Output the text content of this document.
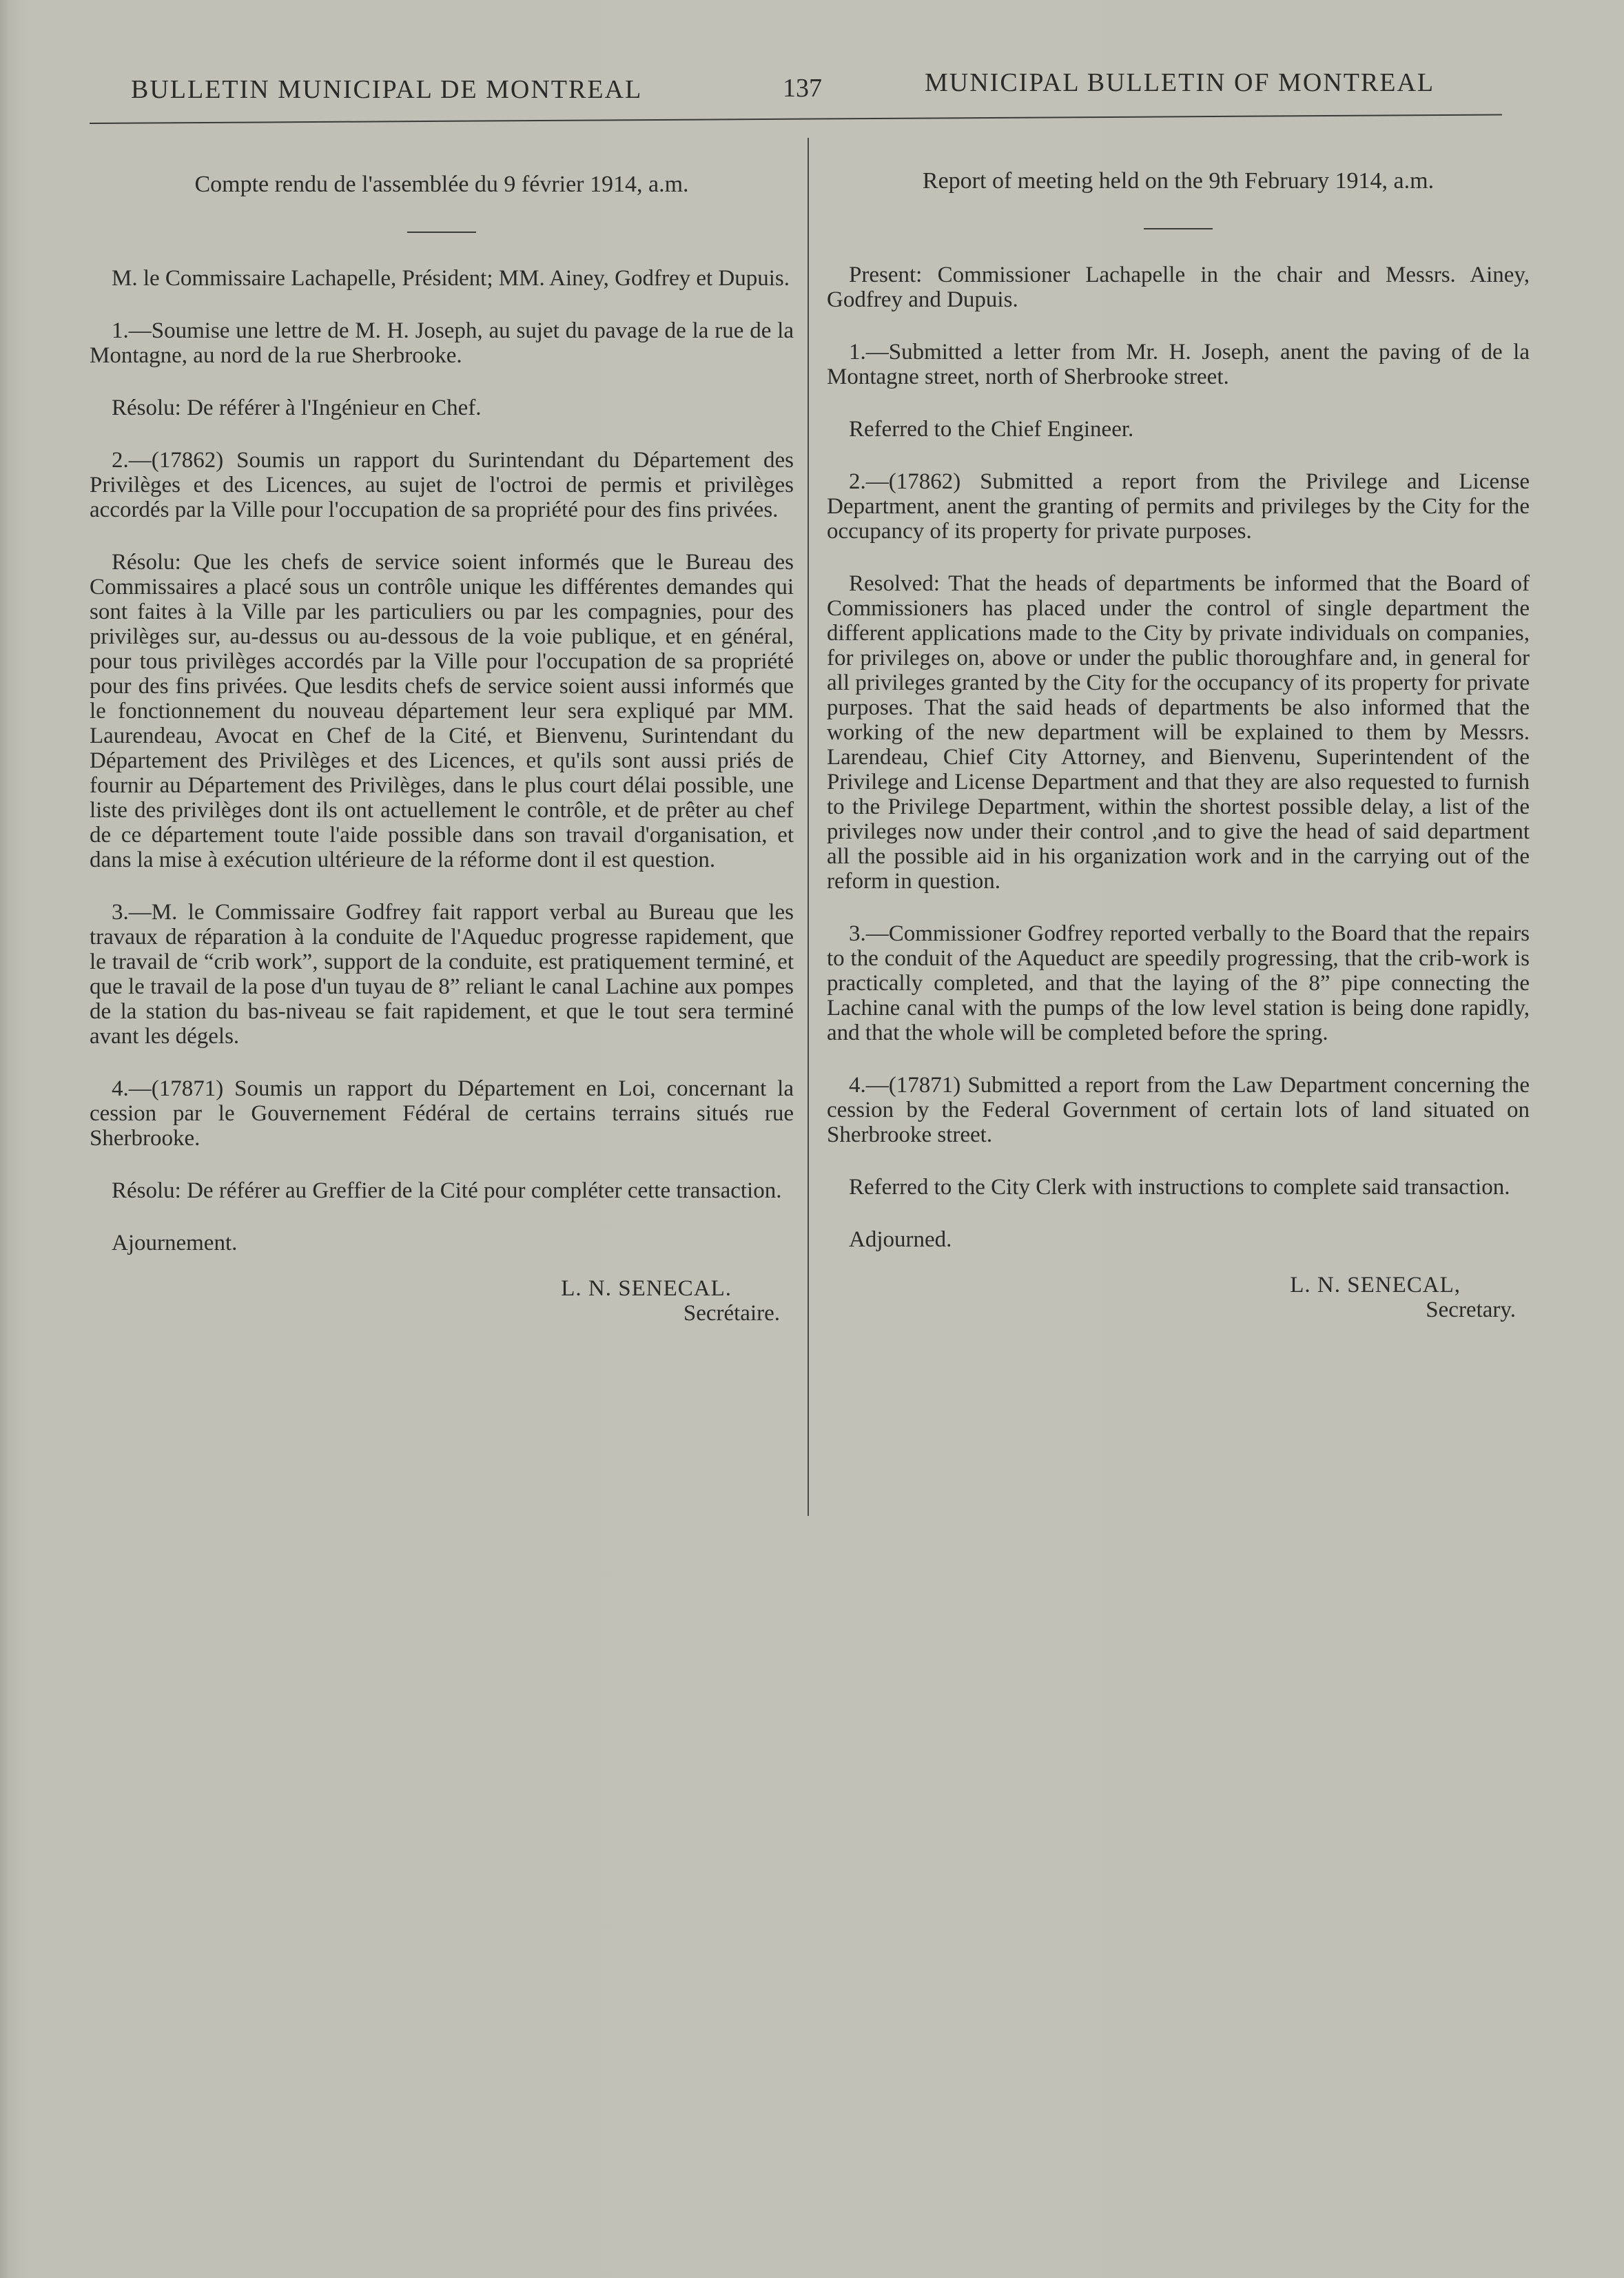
BULLETIN MUNICIPAL DE MONTREAL	137	MUNICIPAL BULLETIN OF MONTREAL

Compte rendu de l'assemblée du 9 février 1914, a.m.

M. le Commissaire Lachapelle, Président; MM. Ainey, Godfrey et Dupuis.

1.—Soumise une lettre de M. H. Joseph, au sujet du pavage de la rue de la Montagne, au nord de la rue Sherbrooke.

Résolu: De référer à l'Ingénieur en Chef.

2.—(17862) Soumis un rapport du Surintendant du Département des Privilèges et des Licences, au sujet de l'octroi de permis et privilèges accordés par la Ville pour l'occupation de sa propriété pour des fins privées.

Résolu: Que les chefs de service soient informés que le Bureau des Commissaires a placé sous un contrôle unique les différentes demandes qui sont faites à la Ville par les particuliers ou par les compagnies, pour des privilèges sur, au-dessus ou au-dessous de la voie publique, et en général, pour tous privilèges accordés par la Ville pour l'occupation de sa propriété pour des fins privées. Que lesdits chefs de service soient aussi informés que le fonctionnement du nouveau département leur sera expliqué par MM. Laurendeau, Avocat en Chef de la Cité, et Bienvenu, Surintendant du Département des Privilèges et des Licences, et qu'ils sont aussi priés de fournir au Département des Privilèges, dans le plus court délai possible, une liste des privilèges dont ils ont actuellement le contrôle, et de prêter au chef de ce département toute l'aide possible dans son travail d'organisation, et dans la mise à exécution ultérieure de la réforme dont il est question.

3.—M. le Commissaire Godfrey fait rapport verbal au Bureau que les travaux de réparation à la conduite de l'Aqueduc progresse rapidement, que le travail de “crib work”, support de la conduite, est pratiquement terminé, et que le travail de la pose d'un tuyau de 8” reliant le canal Lachine aux pompes de la station du bas-niveau se fait rapidement, et que le tout sera terminé avant les dégels.

4.—(17871) Soumis un rapport du Département en Loi, concernant la cession par le Gouvernement Fédéral de certains terrains situés rue Sherbrooke.

Résolu: De référer au Greffier de la Cité pour compléter cette transaction.

Ajournement.

L. N. SENECAL.

Secrétaire.

Report of meeting held on the 9th February 1914, a.m.

Present: Commissioner Lachapelle in the chair and Messrs. Ainey, Godfrey and Dupuis.

1.—Submitted a letter from Mr. H. Joseph, anent the paving of de la Montagne street, north of Sherbrooke street.

Referred to the Chief Engineer.

2.—(17862) Submitted a report from the Privilege and License Department, anent the granting of permits and privileges by the City for the occupancy of its property for private purposes.

Resolved: That the heads of departments be informed that the Board of Commissioners has placed under the control of single department the different applications made to the City by private individuals on companies, for privileges on, above or under the public thoroughfare and, in general for all privileges granted by the City for the occupancy of its property for private purposes. That the said heads of departments be also informed that the working of the new department will be explained to them by Messrs. Larendeau, Chief City Attorney, and Bienvenu, Superintendent of the Privilege and License Department and that they are also requested to furnish to the Privilege Department, within the shortest possible delay, a list of the privileges now under their control ,and to give the head of said department all the possible aid in his organization work and in the carrying out of the reform in question.

3.—Commissioner Godfrey reported verbally to the Board that the repairs to the conduit of the Aqueduct are speedily progressing, that the crib-work is practically completed, and that the laying of the 8” pipe connecting the Lachine canal with the pumps of the low level station is being done rapidly, and that the whole will be completed before the spring.

4.—(17871) Submitted a report from the Law Department concerning the cession by the Federal Government of certain lots of land situated on Sherbrooke street.

Referred to the City Clerk with instructions to complete said transaction.

Adjourned.

L. N. SENECAL,

Secretary.
